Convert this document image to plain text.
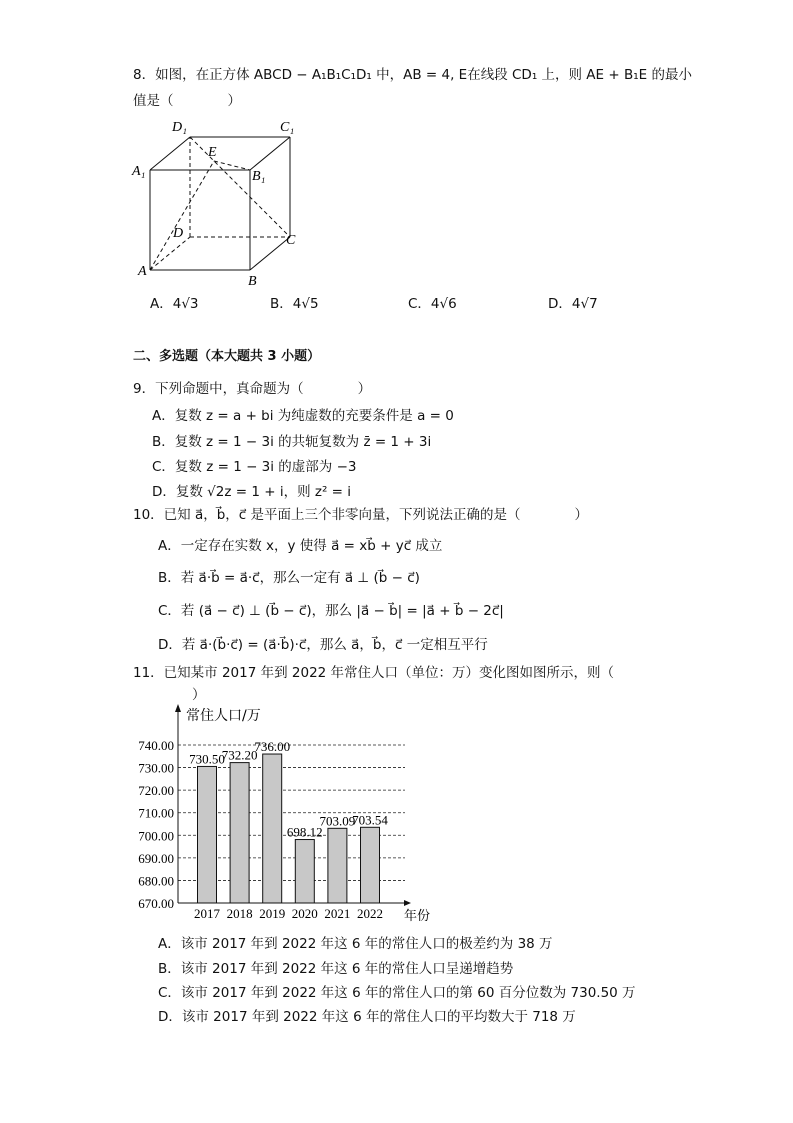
8．如图，在正方体 ABCD − A₁B₁C₁D₁ 中，AB = 4, E在线段 CD₁ 上，则 AE + B₁E 的最小
值是（　　　　）
D₁	C₁
A₁	B₁
E
D	C
A
B
A．4√3	B．4√5	C．4√6	D．4√7
二、多选题（本大题共 3 小题）
9．下列命题中，真命题为（　　　　）
A．复数 z = a + bi 为纯虚数的充要条件是 a = 0
B．复数 z = 1 − 3i 的共轭复数为 z̄ = 1 + 3i
C．复数 z = 1 − 3i 的虚部为 −3
D．复数 √2z = 1 + i，则 z² = i
10．已知 a⃗，b⃗，c⃗ 是平面上三个非零向量，下列说法正确的是（　　　　）
A．一定存在实数 x，y 使得 a⃗ = xb⃗ + yc⃗ 成立
B．若 a⃗·b⃗ = a⃗·c⃗，那么一定有 a⃗ ⊥ (b⃗ − c⃗)
C．若 (a⃗ − c⃗) ⊥ (b⃗ − c⃗)，那么 |a⃗ − b⃗| = |a⃗ + b⃗ − 2c⃗|
D．若 a⃗·(b⃗·c⃗) = (a⃗·b⃗)·c⃗，那么 a⃗，b⃗，c⃗ 一定相互平行
11．已知某市 2017 年到 2022 年常住人口（单位：万）变化图如图所示，则（
）
670.00
680.00
690.00
700.00
710.00
720.00
730.00
740.00
2017 2018 2019 2020 2021 2022
730.50
732.20
736.00
698.12
703.09
703.54
常住人口/万
年份
A．该市 2017 年到 2022 年这 6 年的常住人口的极差约为 38 万
B．该市 2017 年到 2022 年这 6 年的常住人口呈递增趋势
C．该市 2017 年到 2022 年这 6 年的常住人口的第 60 百分位数为 730.50 万
D．该市 2017 年到 2022 年这 6 年的常住人口的平均数大于 718 万
